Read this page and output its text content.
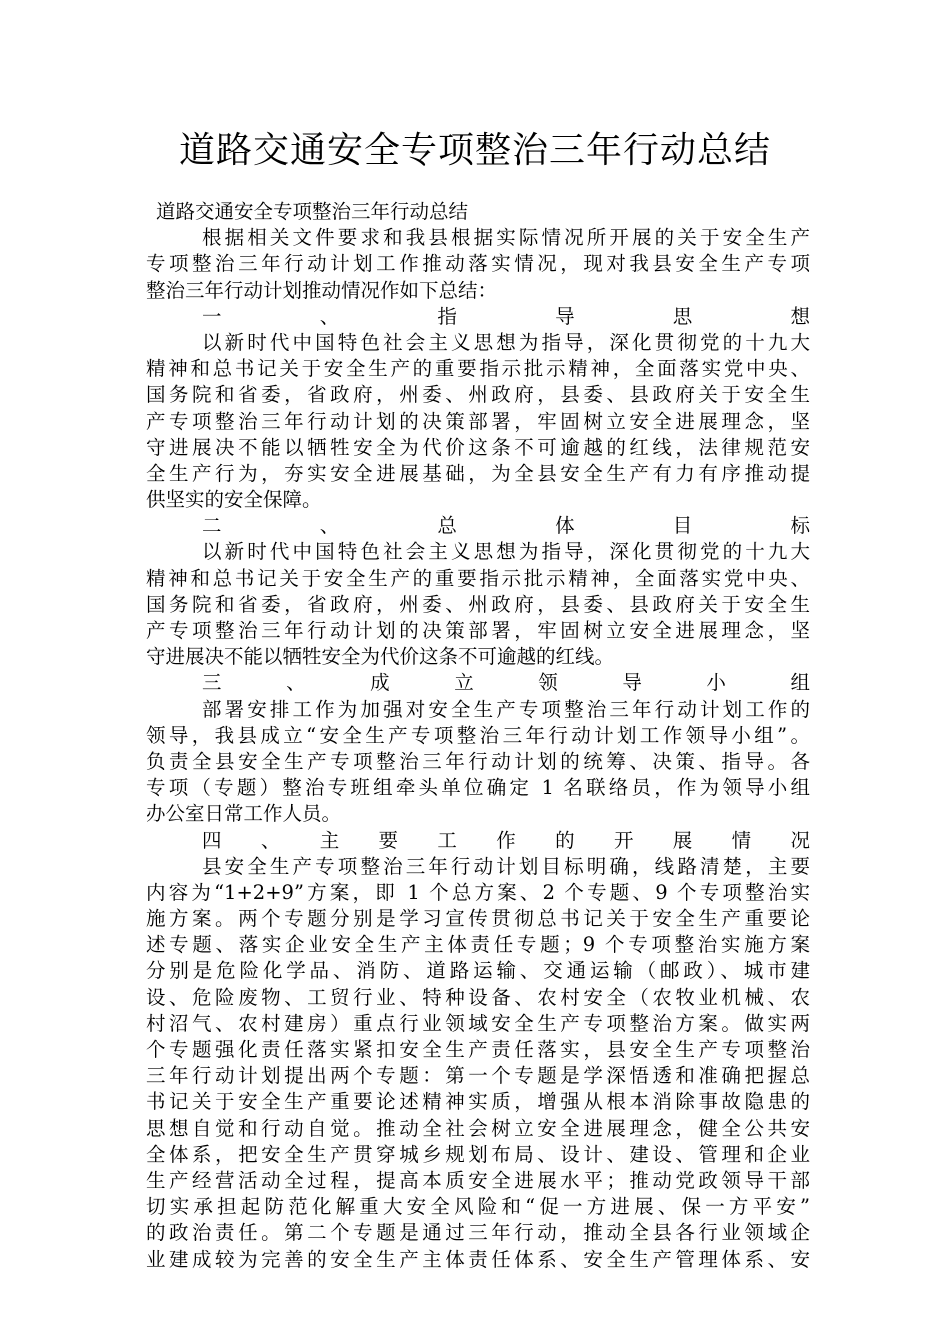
道路交通安全专项整治三年行动总结
道路交通安全专项整治三年行动总结
根据相关文件要求和我县根据实际情况所开展的关于安全生产
专项整治三年行动计划工作推动落实情况，现对我县安全生产专项
整治三年行动计划推动情况作如下总结：
一、指导思想
以新时代中国特色社会主义思想为指导，深化贯彻党的十九大
精神和总书记关于安全生产的重要指示批示精神，全面落实党中央、
国务院和省委，省政府，州委、州政府，县委、县政府关于安全生
产专项整治三年行动计划的决策部署，牢固树立安全进展理念，坚
守进展决不能以牺牲安全为代价这条不可逾越的红线，法律规范安
全生产行为，夯实安全进展基础，为全县安全生产有力有序推动提
供坚实的安全保障。
二、总体目标
以新时代中国特色社会主义思想为指导，深化贯彻党的十九大
精神和总书记关于安全生产的重要指示批示精神，全面落实党中央、
国务院和省委，省政府，州委、州政府，县委、县政府关于安全生
产专项整治三年行动计划的决策部署，牢固树立安全进展理念，坚
守进展决不能以牺牲安全为代价这条不可逾越的红线。
三、成立领导小组
部署安排工作为加强对安全生产专项整治三年行动计划工作的
领导，我县成立“安全生产专项整治三年行动计划工作领导小组”。
负责全县安全生产专项整治三年行动计划的统筹、决策、指导。各
专项（专题）整治专班组牵头单位确定 1 名联络员，作为领导小组
办公室日常工作人员。
四、主要工作的开展情况
县安全生产专项整治三年行动计划目标明确，线路清楚，主要
内容为“1+2+9”方案，即 1 个总方案、2 个专题、9 个专项整治实
施方案。两个专题分别是学习宣传贯彻总书记关于安全生产重要论
述专题、落实企业安全生产主体责任专题；9 个专项整治实施方案
分别是危险化学品、消防、道路运输、交通运输（邮政）、城市建
设、危险废物、工贸行业、特种设备、农村安全（农牧业机械、农
村沼气、农村建房）重点行业领域安全生产专项整治方案。做实两
个专题强化责任落实紧扣安全生产责任落实，县安全生产专项整治
三年行动计划提出两个专题：第一个专题是学深悟透和准确把握总
书记关于安全生产重要论述精神实质，增强从根本消除事故隐患的
思想自觉和行动自觉。推动全社会树立安全进展理念，健全公共安
全体系，把安全生产贯穿城乡规划布局、设计、建设、管理和企业
生产经营活动全过程，提高本质安全进展水平；推动党政领导干部
切实承担起防范化解重大安全风险和“促一方进展、保一方平安”
的政治责任。第二个专题是通过三年行动，推动全县各行业领域企
业建成较为完善的安全生产主体责任体系、安全生产管理体系、安
